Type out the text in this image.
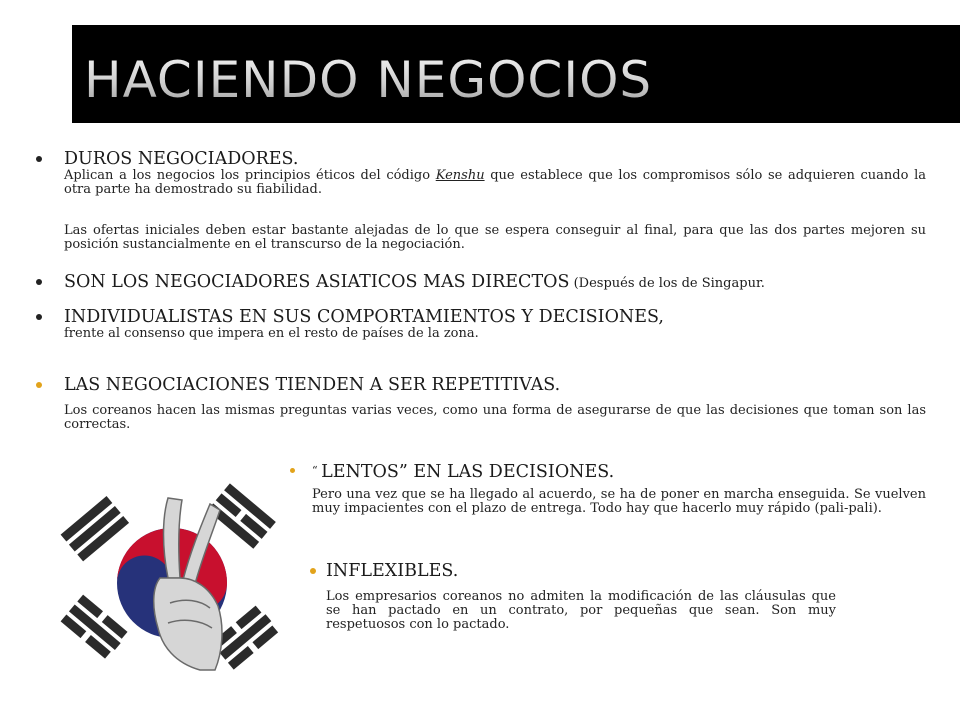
HACIENDO NEGOCIOS
DUROS NEGOCIADORES.
Aplican a los negocios los principios éticos del código Kenshu que establece que los compromisos sólo se adquieren cuando la otra parte ha demostrado su fiabilidad.
Las ofertas iniciales deben estar bastante alejadas de lo que se espera conseguir al final, para que las dos partes mejoren su posición sustancialmente en el transcurso de la negociación.
SON LOS NEGOCIADORES ASIATICOS MAS DIRECTOS (Después de los de Singapur.
INDIVIDUALISTAS EN SUS COMPORTAMIENTOS Y DECISIONES,
frente al consenso que impera en el resto de países de la zona.
LAS NEGOCIACIONES TIENDEN A SER REPETITIVAS.
Los coreanos hacen las mismas preguntas varias veces, como una forma de asegurarse de que las decisiones que toman son las correctas.
“ LENTOS” EN LAS DECISIONES.
Pero una vez que se ha llegado al acuerdo, se ha de poner en marcha enseguida. Se vuelven muy impacientes con el plazo de entrega. Todo hay que hacerlo muy rápido (pali-pali).
INFLEXIBLES.
Los empresarios coreanos no admiten la modificación de las cláusulas que se han pactado en un contrato, por pequeñas que sean. Son muy respetuosos con lo pactado.
